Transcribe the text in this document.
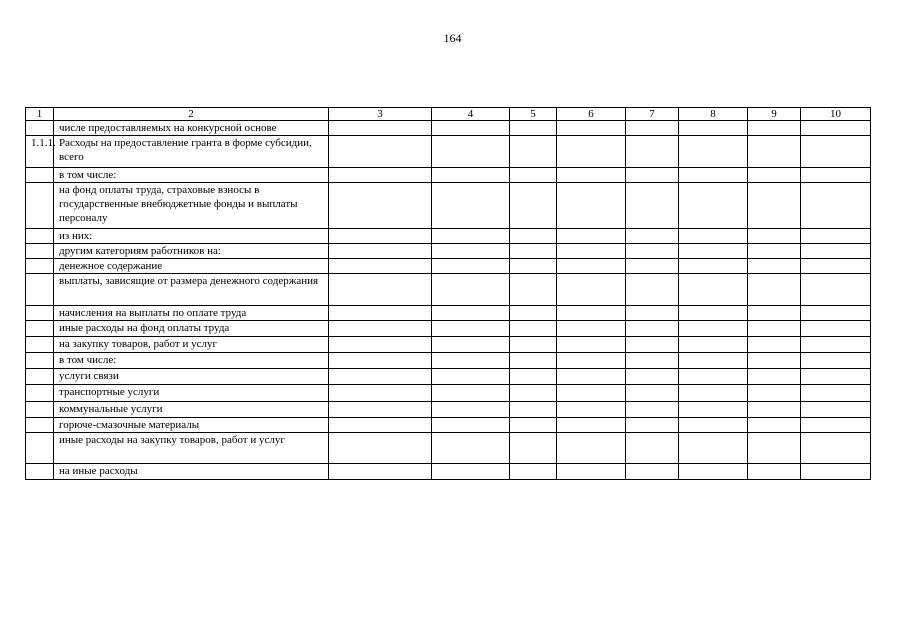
164
1	2	3	4	5	6	7	8	9	10
	числе предоставляемых на конкурсной основе								
1.1.1.	Расходы на предоставление гранта в форме субсидии, всего								
	в том числе:								
	на фонд оплаты труда, страховые взносы в государственные внебюджетные фонды и выплаты персоналу								
	из них:								
	другим категориям работников на:								
	денежное содержание								
	выплаты, зависящие от размера денежного содержания								
	начисления на выплаты по оплате труда								
	иные расходы на фонд оплаты труда								
	на закупку товаров, работ и услуг								
	в том числе:								
	услуги связи								
	транспортные услуги								
	коммунальные услуги								
	горюче-смазочные материалы								
	иные расходы на закупку товаров, работ и услуг								
	на иные расходы								
